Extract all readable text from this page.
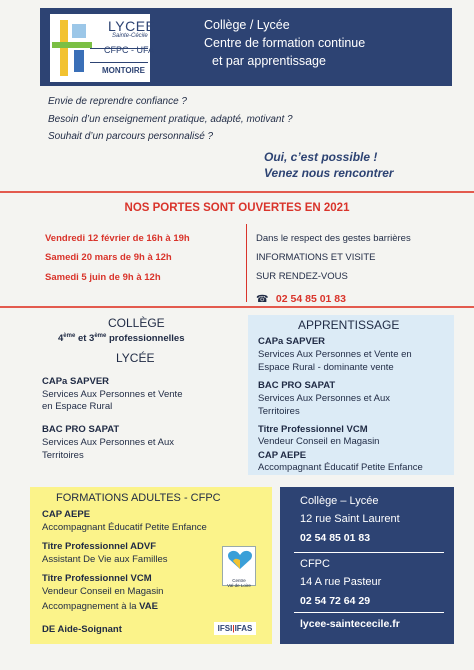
LYCEE
Sainte-Cécile
CFPC - UFA
MONTOIRE
Collège / Lycée
Centre de formation continue
et par apprentissage
Envie de reprendre confiance ?
Besoin d’un enseignement pratique, adapté, motivant ?
Souhait d’un parcours personnalisé ?
Oui, c’est possible !
Venez nous rencontrer
NOS PORTES SONT OUVERTES EN 2021
Vendredi 12 février de 16h à 19h
Samedi 20 mars de 9h à 12h
Samedi 5 juin de 9h à 12h
Dans le respect des gestes barrières
INFORMATIONS ET VISITE
SUR RENDEZ-VOUS
☎ 02 54 85 01 83
COLLÈGE
4ème et 3ème professionnelles
LYCÉE
CAPa SAPVER
Services Aux Personnes et Vente
en Espace Rural
BAC PRO SAPAT
Services Aux Personnes et Aux
Territoires
APPRENTISSAGE
CAPa SAPVER
Services Aux Personnes et Vente en
Espace Rural - dominante vente
BAC PRO SAPAT
Services Aux Personnes et Aux
Territoires
Titre Professionnel VCM
Vendeur Conseil en Magasin
CAP AEPE
Accompagnant Éducatif Petite Enfance
FORMATIONS ADULTES - CFPC
CAP AEPE
Accompagnant Éducatif Petite Enfance
Titre Professionnel ADVF
Assistant De Vie aux Familles
Titre Professionnel VCM
Vendeur Conseil en Magasin
Accompagnement à la VAE
DE Aide-Soignant
Centre
Val de Loire
IFSI|IFAS
Collège – Lycée
12 rue Saint Laurent
02 54 85 01 83
CFPC
14 A rue Pasteur
02 54 72 64 29
lycee-saintececile.fr
